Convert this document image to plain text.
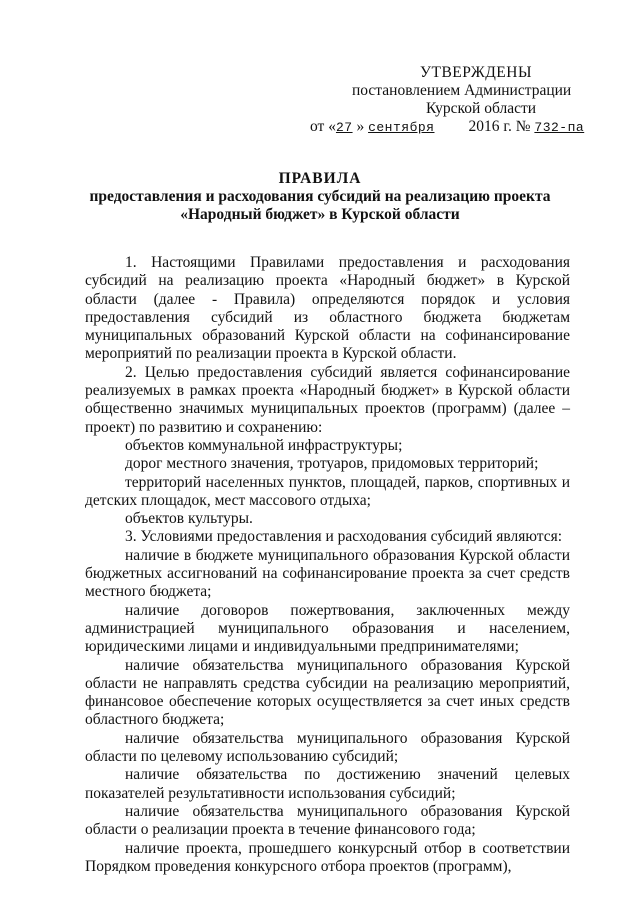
УТВЕРЖДЕНЫ
постановлением Администрации
Курской области
от «27 » сентября 2016 г. № 732-па
ПРАВИЛА
предоставления и расходования субсидий на реализацию проекта
«Народный бюджет» в Курской области

1. Настоящими Правилами предоставления и расходования субсидий на реализацию проекта «Народный бюджет» в Курской области (далее - Правила) определяются порядок и условия предоставления субсидий из областного бюджета бюджетам муниципальных образований Курской области на софинансирование мероприятий по реализации проекта в Курской области.

2. Целью предоставления субсидий является софинансирование реализуемых в рамках проекта «Народный бюджет» в Курской области общественно значимых муниципальных проектов (программ) (далее – проект) по развитию и сохранению:

объектов коммунальной инфраструктуры;

дорог местного значения, тротуаров, придомовых территорий;

территорий населенных пунктов, площадей, парков, спортивных и детских площадок, мест массового отдыха;

объектов культуры.

3. Условиями предоставления и расходования субсидий являются:

наличие в бюджете муниципального образования Курской области бюджетных ассигнований на софинансирование проекта за счет средств местного бюджета;

наличие договоров пожертвования, заключенных между администрацией муниципального образования и населением, юридическими лицами и индивидуальными предпринимателями;

наличие обязательства муниципального образования Курской области не направлять средства субсидии на реализацию мероприятий, финансовое обеспечение которых осуществляется за счет иных средств областного бюджета;

наличие обязательства муниципального образования Курской области по целевому использованию субсидий;

наличие обязательства по достижению значений целевых показателей результативности использования субсидий;

наличие обязательства муниципального образования Курской области о реализации проекта в течение финансового года;

наличие проекта, прошедшего конкурсный отбор в соответствии Порядком проведения конкурсного отбора проектов (программ),
